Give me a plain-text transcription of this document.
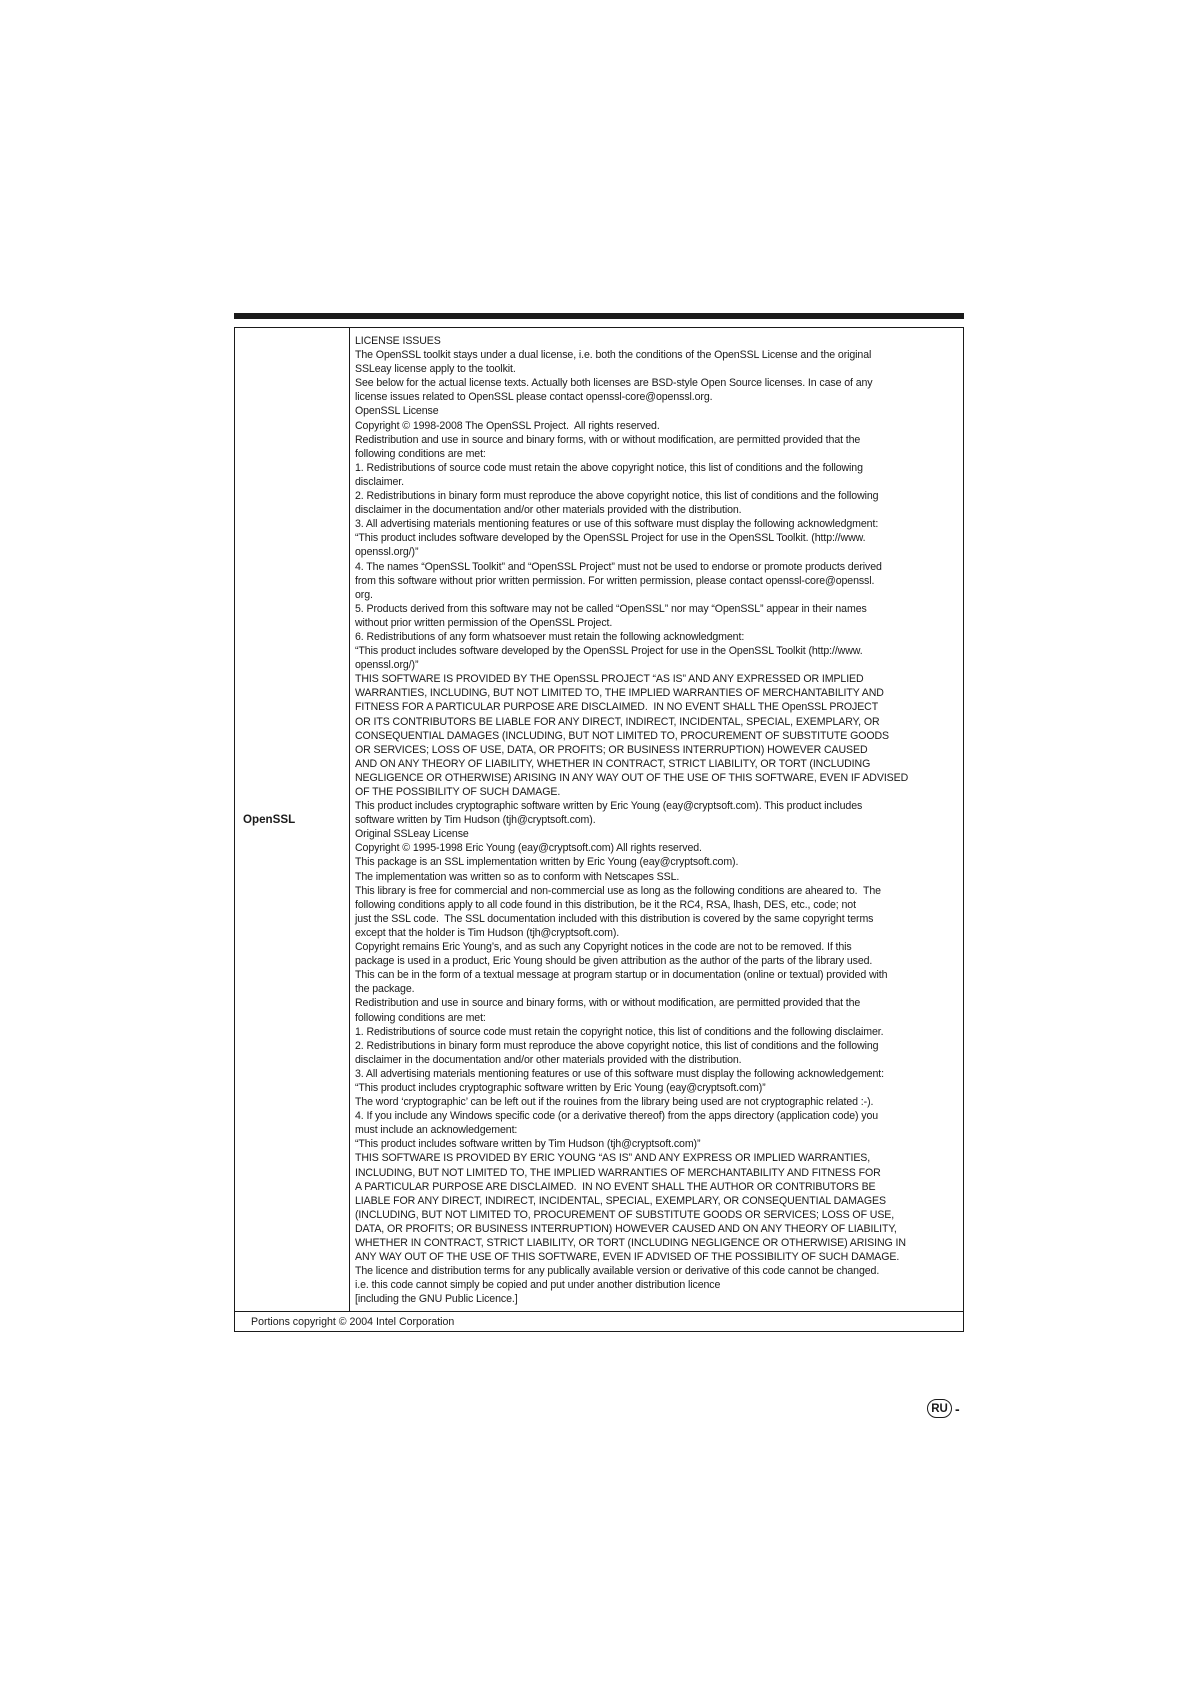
OpenSSL

LICENSE ISSUES

The OpenSSL toolkit stays under a dual license, i.e. both the conditions of the OpenSSL License and the original

SSLeay license apply to the toolkit.

See below for the actual license texts. Actually both licenses are BSD-style Open Source licenses. In case of any

license issues related to OpenSSL please contact openssl-core@openssl.org.

OpenSSL License

Copyright © 1998-2008 The OpenSSL Project.  All rights reserved.

Redistribution and use in source and binary forms, with or without modification, are permitted provided that the

following conditions are met:

1. Redistributions of source code must retain the above copyright notice, this list of conditions and the following

disclaimer.

2. Redistributions in binary form must reproduce the above copyright notice, this list of conditions and the following

disclaimer in the documentation and/or other materials provided with the distribution.

3. All advertising materials mentioning features or use of this software must display the following acknowledgment:

“This product includes software developed by the OpenSSL Project for use in the OpenSSL Toolkit. (http://www.

openssl.org/)”

4. The names “OpenSSL Toolkit” and “OpenSSL Project” must not be used to endorse or promote products derived

from this software without prior written permission. For written permission, please contact openssl-core@openssl.

org.

5. Products derived from this software may not be called “OpenSSL” nor may “OpenSSL” appear in their names

without prior written permission of the OpenSSL Project.

6. Redistributions of any form whatsoever must retain the following acknowledgment:

“This product includes software developed by the OpenSSL Project for use in the OpenSSL Toolkit (http://www.

openssl.org/)”

THIS SOFTWARE IS PROVIDED BY THE OpenSSL PROJECT “AS IS” AND ANY EXPRESSED OR IMPLIED

WARRANTIES, INCLUDING, BUT NOT LIMITED TO, THE IMPLIED WARRANTIES OF MERCHANTABILITY AND

FITNESS FOR A PARTICULAR PURPOSE ARE DISCLAIMED.  IN NO EVENT SHALL THE OpenSSL PROJECT

OR ITS CONTRIBUTORS BE LIABLE FOR ANY DIRECT, INDIRECT, INCIDENTAL, SPECIAL, EXEMPLARY, OR

CONSEQUENTIAL DAMAGES (INCLUDING, BUT NOT LIMITED TO, PROCUREMENT OF SUBSTITUTE GOODS

OR SERVICES; LOSS OF USE, DATA, OR PROFITS; OR BUSINESS INTERRUPTION) HOWEVER CAUSED

AND ON ANY THEORY OF LIABILITY, WHETHER IN CONTRACT, STRICT LIABILITY, OR TORT (INCLUDING

NEGLIGENCE OR OTHERWISE) ARISING IN ANY WAY OUT OF THE USE OF THIS SOFTWARE, EVEN IF ADVISED

OF THE POSSIBILITY OF SUCH DAMAGE.

This product includes cryptographic software written by Eric Young (eay@cryptsoft.com). This product includes

software written by Tim Hudson (tjh@cryptsoft.com).

Original SSLeay License

Copyright © 1995-1998 Eric Young (eay@cryptsoft.com) All rights reserved.

This package is an SSL implementation written by Eric Young (eay@cryptsoft.com).

The implementation was written so as to conform with Netscapes SSL.

This library is free for commercial and non-commercial use as long as the following conditions are aheared to.  The

following conditions apply to all code found in this distribution, be it the RC4, RSA, lhash, DES, etc., code; not

just the SSL code.  The SSL documentation included with this distribution is covered by the same copyright terms

except that the holder is Tim Hudson (tjh@cryptsoft.com).

Copyright remains Eric Young’s, and as such any Copyright notices in the code are not to be removed. If this

package is used in a product, Eric Young should be given attribution as the author of the parts of the library used.

This can be in the form of a textual message at program startup or in documentation (online or textual) provided with

the package.

Redistribution and use in source and binary forms, with or without modification, are permitted provided that the

following conditions are met:

1. Redistributions of source code must retain the copyright notice, this list of conditions and the following disclaimer.

2. Redistributions in binary form must reproduce the above copyright notice, this list of conditions and the following

disclaimer in the documentation and/or other materials provided with the distribution.

3. All advertising materials mentioning features or use of this software must display the following acknowledgement:

“This product includes cryptographic software written by Eric Young (eay@cryptsoft.com)”

The word ‘cryptographic’ can be left out if the rouines from the library being used are not cryptographic related :-).

4. If you include any Windows specific code (or a derivative thereof) from the apps directory (application code) you

must include an acknowledgement:

“This product includes software written by Tim Hudson (tjh@cryptsoft.com)”

THIS SOFTWARE IS PROVIDED BY ERIC YOUNG “AS IS” AND ANY EXPRESS OR IMPLIED WARRANTIES,

INCLUDING, BUT NOT LIMITED TO, THE IMPLIED WARRANTIES OF MERCHANTABILITY AND FITNESS FOR

A PARTICULAR PURPOSE ARE DISCLAIMED.  IN NO EVENT SHALL THE AUTHOR OR CONTRIBUTORS BE

LIABLE FOR ANY DIRECT, INDIRECT, INCIDENTAL, SPECIAL, EXEMPLARY, OR CONSEQUENTIAL DAMAGES

(INCLUDING, BUT NOT LIMITED TO, PROCUREMENT OF SUBSTITUTE GOODS OR SERVICES; LOSS OF USE,

DATA, OR PROFITS; OR BUSINESS INTERRUPTION) HOWEVER CAUSED AND ON ANY THEORY OF LIABILITY,

WHETHER IN CONTRACT, STRICT LIABILITY, OR TORT (INCLUDING NEGLIGENCE OR OTHERWISE) ARISING IN

ANY WAY OUT OF THE USE OF THIS SOFTWARE, EVEN IF ADVISED OF THE POSSIBILITY OF SUCH DAMAGE.

The licence and distribution terms for any publically available version or derivative of this code cannot be changed.

i.e. this code cannot simply be copied and put under another distribution licence

[including the GNU Public Licence.]

Portions copyright © 2004 Intel Corporation
RU -
